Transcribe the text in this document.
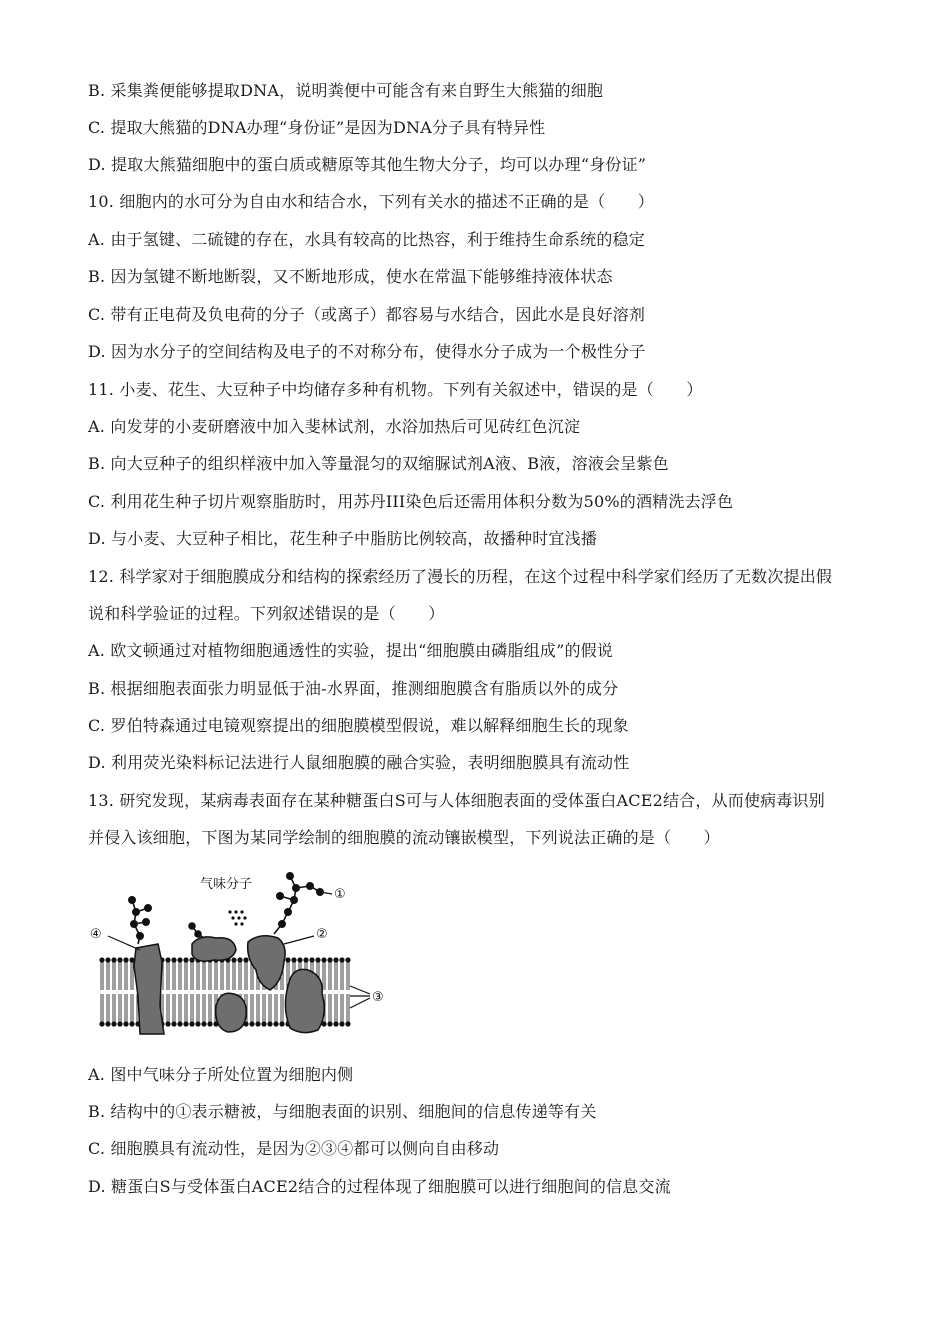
B. 采集粪便能够提取DNA，说明粪便中可能含有来自野生大熊猫的细胞
C. 提取大熊猫的DNA办理“身份证”是因为DNA分子具有特异性
D. 提取大熊猫细胞中的蛋白质或糖原等其他生物大分子，均可以办理“身份证”
10. 细胞内的水可分为自由水和结合水，下列有关水的描述不正确的是（　　）
A. 由于氢键、二硫键的存在，水具有较高的比热容，利于维持生命系统的稳定
B. 因为氢键不断地断裂，又不断地形成，使水在常温下能够维持液体状态
C. 带有正电荷及负电荷的分子（或离子）都容易与水结合，因此水是良好溶剂
D. 因为水分子的空间结构及电子的不对称分布，使得水分子成为一个极性分子
11. 小麦、花生、大豆种子中均储存多种有机物。下列有关叙述中，错误的是（　　）
A. 向发芽的小麦研磨液中加入斐林试剂，水浴加热后可见砖红色沉淀
B. 向大豆种子的组织样液中加入等量混匀的双缩脲试剂A液、B液，溶液会呈紫色
C. 利用花生种子切片观察脂肪时，用苏丹III染色后还需用体积分数为50%的酒精洗去浮色
D. 与小麦、大豆种子相比，花生种子中脂肪比例较高，故播种时宜浅播
12. 科学家对于细胞膜成分和结构的探索经历了漫长的历程，在这个过程中科学家们经历了无数次提出假
说和科学验证的过程。下列叙述错误的是（　　）
A. 欧文顿通过对植物细胞通透性的实验，提出“细胞膜由磷脂组成”的假说
B. 根据细胞表面张力明显低于油-水界面，推测细胞膜含有脂质以外的成分
C. 罗伯特森通过电镜观察提出的细胞膜模型假说，难以解释细胞生长的现象
D. 利用荧光染料标记法进行人鼠细胞膜的融合实验，表明细胞膜具有流动性
13. 研究发现，某病毒表面存在某种糖蛋白S可与人体细胞表面的受体蛋白ACE2结合，从而使病毒识别
并侵入该细胞，下图为某同学绘制的细胞膜的流动镶嵌模型，下列说法正确的是（　　）
气味分子
①
②
③
④
A. 图中气味分子所处位置为细胞内侧
B. 结构中的①表示糖被，与细胞表面的识别、细胞间的信息传递等有关
C. 细胞膜具有流动性，是因为②③④都可以侧向自由移动
D. 糖蛋白S与受体蛋白ACE2结合的过程体现了细胞膜可以进行细胞间的信息交流
